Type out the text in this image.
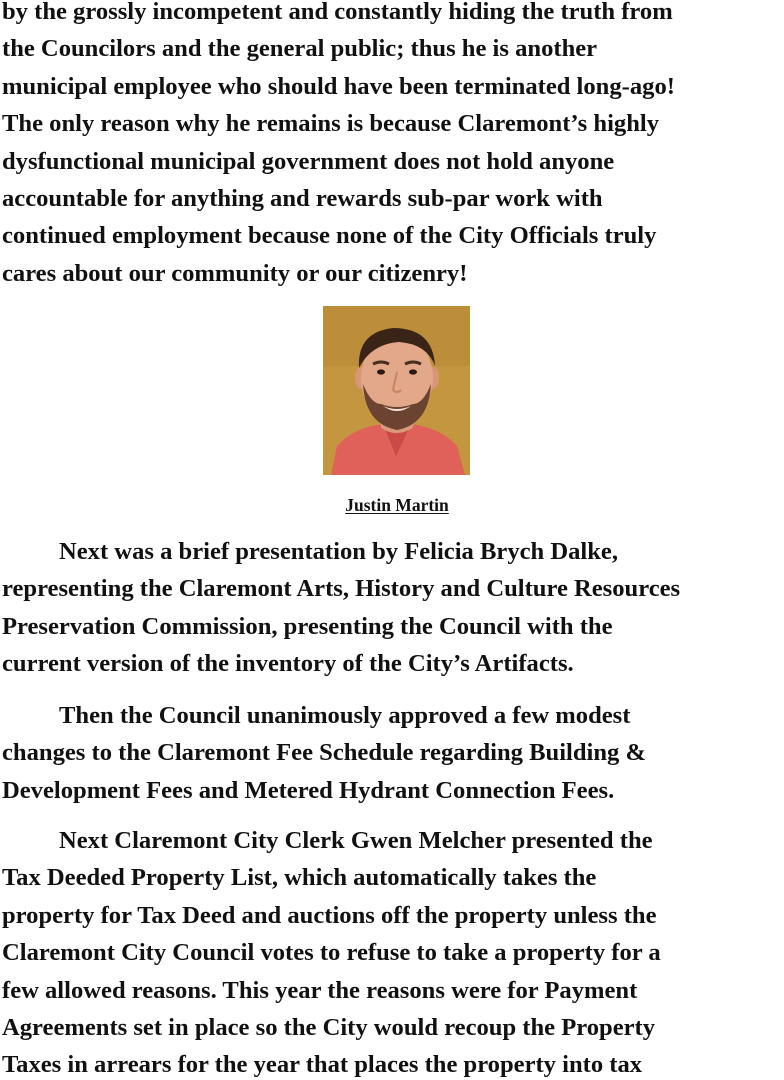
by the grossly incompetent and constantly hiding the truth from
the Councilors and the general public; thus he is another
municipal employee who should have been terminated long-ago!
The only reason why he remains is because Claremont’s highly
dysfunctional municipal government does not hold anyone
accountable for anything and rewards sub-par work with
continued employment because none of the City Officials truly
cares about our community or our citizenry!

Justin Martin

Next was a brief presentation by Felicia Brych Dalke,
representing the Claremont Arts, History and Culture Resources
Preservation Commission, presenting the Council with the
current version of the inventory of the City’s Artifacts.

Then the Council unanimously approved a few modest
changes to the Claremont Fee Schedule regarding Building &
Development Fees and Metered Hydrant Connection Fees.

Next Claremont City Clerk Gwen Melcher presented the
Tax Deeded Property List, which automatically takes the
property for Tax Deed and auctions off the property unless the
Claremont City Council votes to refuse to take a property for a
few allowed reasons. This year the reasons were for Payment
Agreements set in place so the City would recoup the Property
Taxes in arrears for the year that places the property into tax
